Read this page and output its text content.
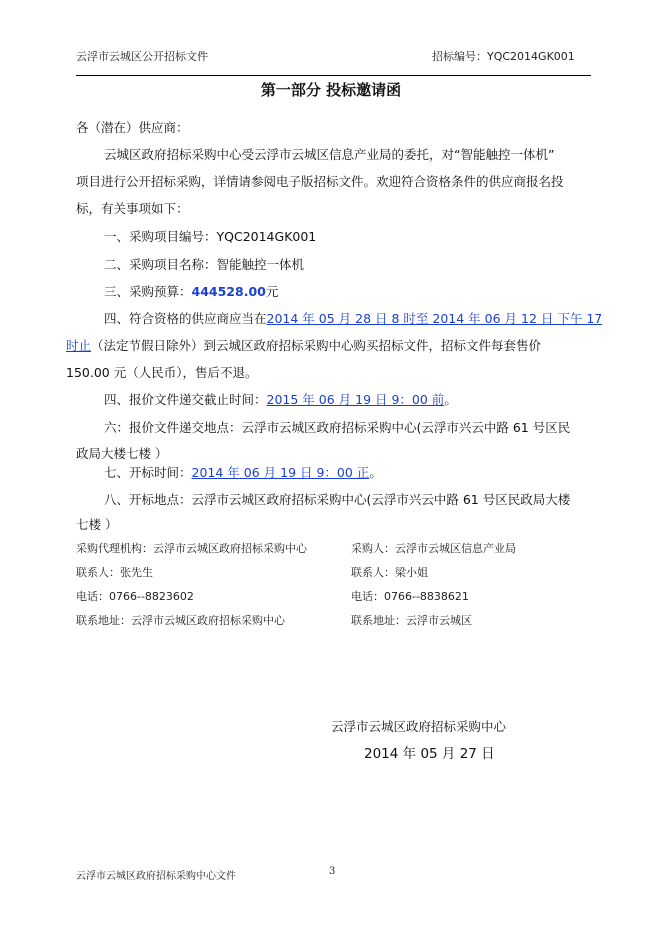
云浮市云城区公开招标文件	招标编号：YQC2014GK001
第一部分 投标邀请函
各（潜在）供应商：
云城区政府招标采购中心受云浮市云城区信息产业局的委托，对“智能触控一体机”
项目进行公开招标采购，详情请参阅电子版招标文件。欢迎符合资格条件的供应商报名投
标，有关事项如下：
一、采购项目编号：YQC2014GK001
二、采购项目名称：智能触控一体机
三、采购预算：444528.00元
四、符合资格的供应商应当在2014 年 05 月 28 日 8 时至 2014 年 06 月 12 日 下午 17
时止（法定节假日除外）到云城区政府招标采购中心购买招标文件，招标文件每套售价
150.00 元（人民币），售后不退。
四、报价文件递交截止时间：2015 年 06 月 19 日 9：00 前。
六：报价文件递交地点：云浮市云城区政府招标采购中心(云浮市兴云中路 61 号区民
政局大楼七楼 ）
七、开标时间：2014 年 06 月 19 日 9：00 正。
八、开标地点：云浮市云城区政府招标采购中心(云浮市兴云中路 61 号区民政局大楼
七楼 ）
采购代理机构：云浮市云城区政府招标采购中心	采购人：云浮市云城区信息产业局
联系人：张先生	联系人：梁小姐
电话：0766--8823602	电话：0766--8838621
联系地址：云浮市云城区政府招标采购中心	联系地址：云浮市云城区
云浮市云城区政府招标采购中心
2014 年 05 月 27 日
云浮市云城区政府招标采购中心文件	3
